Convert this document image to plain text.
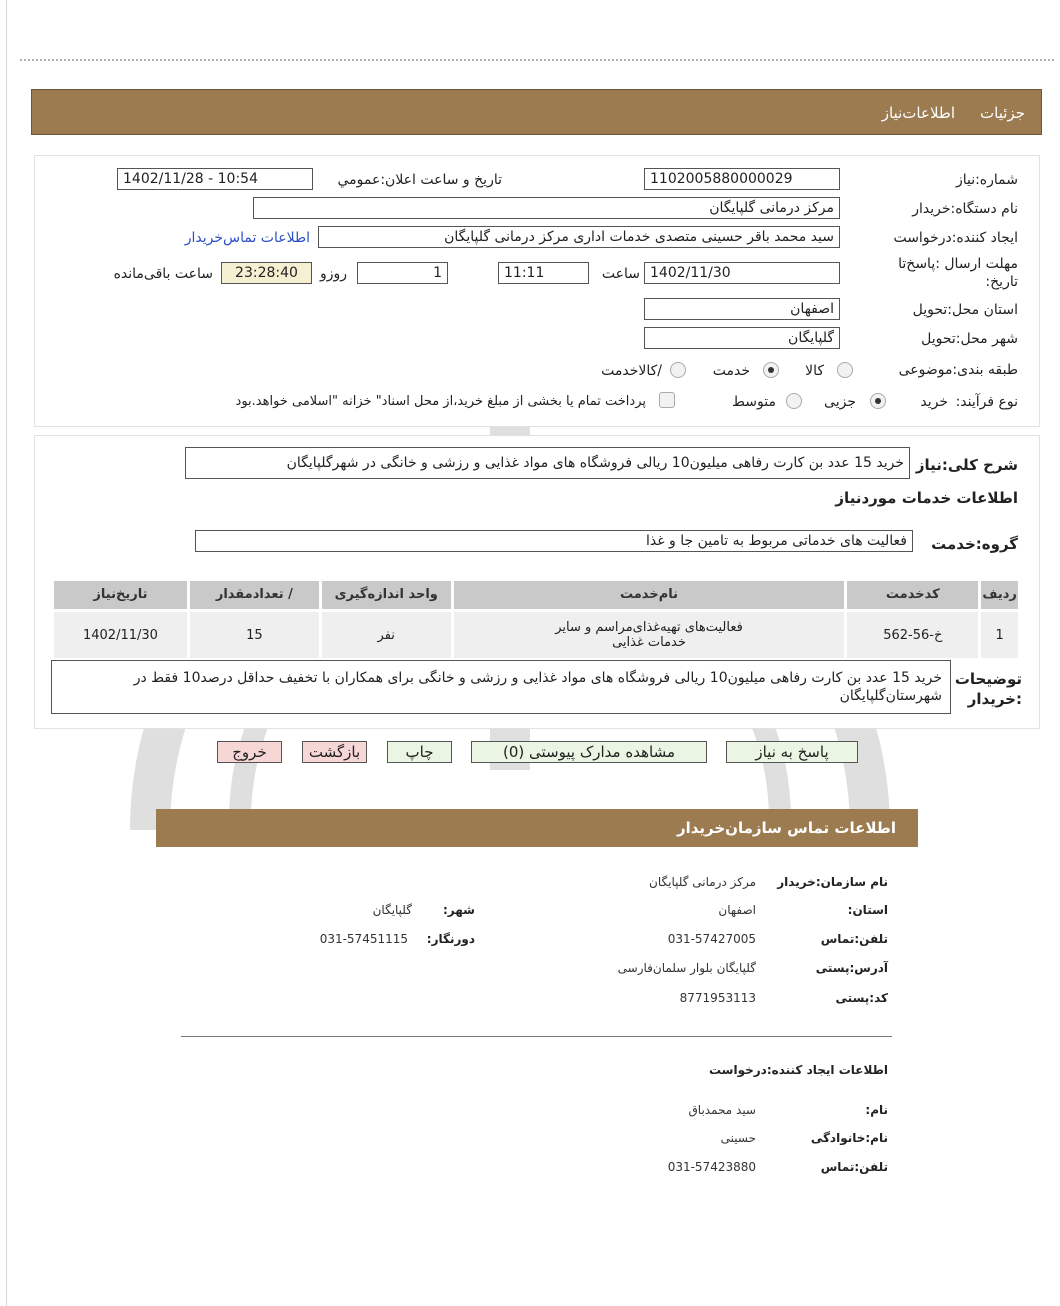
جزئیات
اطلاعات‌نیاز
شماره:نیاز
1102005880000029
تاریخ و ساعت اعلان:عمومي
1402/11/28 - 10:54
نام دستگاه:خریدار
مرکز درمانی گلپایگان
ایجاد کننده:درخواست
سید محمد باقر حسینی متصدی خدمات اداری مرکز درمانی گلپایگان
اطلاعات تماس‌خریدار
مهلت ارسال :پاسخ‌تا
تاریخ:
1402/11/30
ساعت
11:11
1
روزو
23:28:40
ساعت باقی‌مانده
استان محل:تحویل
اصفهان
شهر محل:تحویل
گلپایگان
طبقه بندی:موضوعی
کالا
خدمت
/کالاخدمت
نوع فرآیند:
خرید
جزیی
متوسط
پرداخت تمام یا بخشی از مبلغ خرید،از محل اسناد" خزانه "اسلامی خواهد.بود
شرح کلی:نیاز
خرید 15 عدد بن کارت رفاهی میلیون10 ریالی فروشگاه های مواد غذایی و رزشی و خانگی در شهرگلپایگان
اطلاعات خدمات موردنیاز
گروه:خدمت
فعالیت های خدماتی مربوط به تامین جا و غذا
ردیف	کدخدمت	نام‌خدمت	واحد اندازه‌گیری	/ تعدادمقدار	تاریخ‌نیاز
1	خ-56-562	فعالیت‌های تهیه‌غذای‌مراسم و سایر
خدمات غذایی	نفر	15	1402/11/30
توضیحات
:خریدار
خرید 15 عدد بن کارت رفاهی میلیون10 ریالی فروشگاه های مواد غذایی و رزشی و خانگی برای همکاران با تخفیف حداقل درصد10 فقط در
شهرستان‌گلپایگان
پاسخ به نیاز
مشاهده مدارک پیوستی (0)
چاپ
بازگشت
خروج
اطلاعات تماس سازمان‌خریدار
نام سازمان:خریدار
مرکز درمانی گلپایگان
استان:
اصفهان
شهر:
گلپایگان
تلفن:تماس
031-57427005
دورنگار:
031-57451115
آدرس:پستی
گلپایگان بلوار سلمان‌فارسی
کد:پستی
8771953113
اطلاعات ایجاد کننده:درخواست
نام:
سید محمدباق
نام:خانوادگی
حسینی
تلفن:تماس
031-57423880
